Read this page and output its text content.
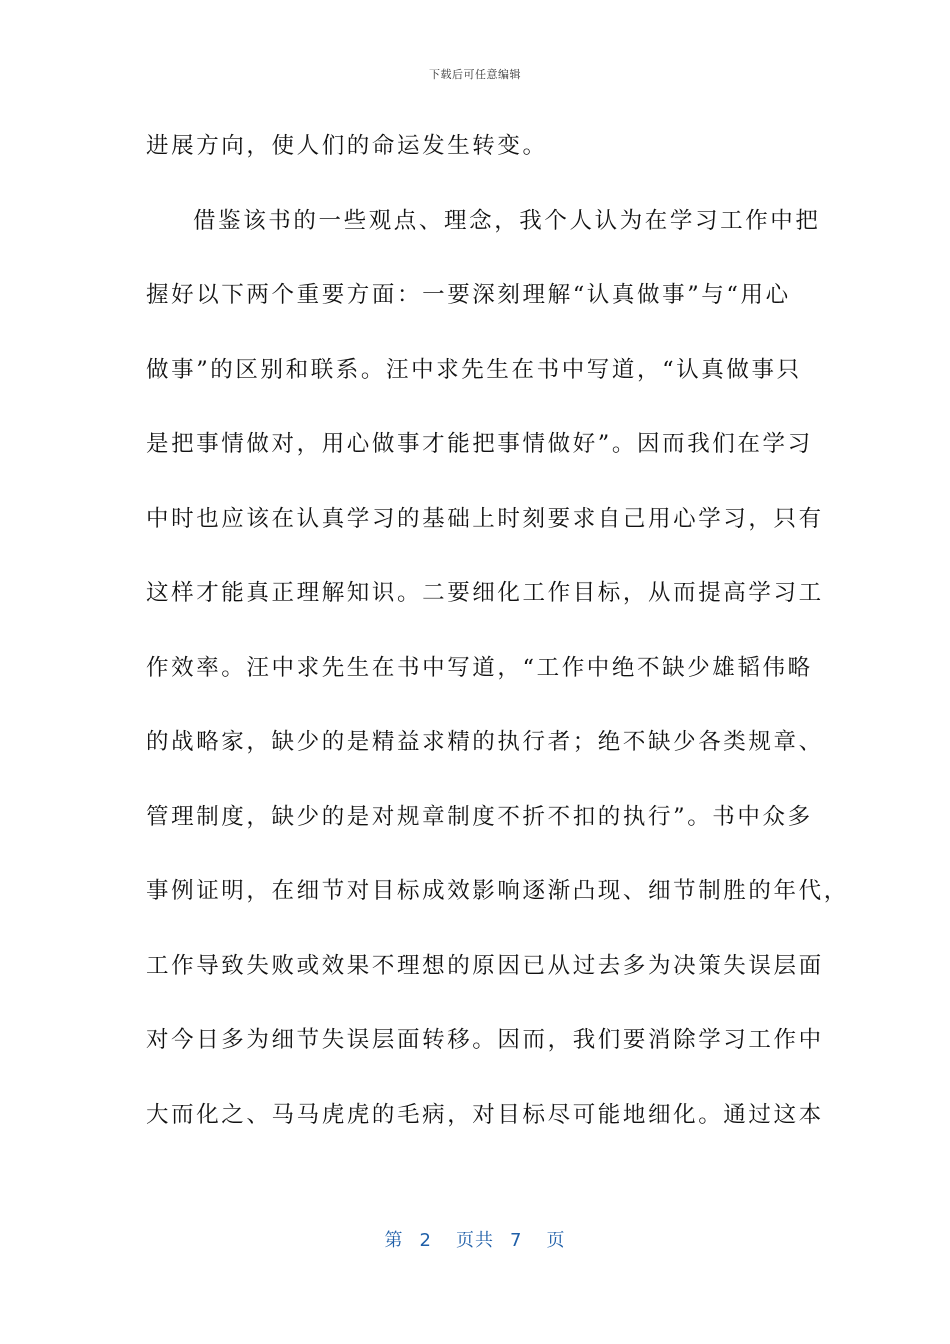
下载后可任意编辑
进展方向，使人们的命运发生转变。
借鉴该书的一些观点、理念，我个人认为在学习工作中把
握好以下两个重要方面：一要深刻理解“认真做事”与“用心
做事”的区别和联系。汪中求先生在书中写道，“认真做事只
是把事情做对，用心做事才能把事情做好”。因而我们在学习
中时也应该在认真学习的基础上时刻要求自己用心学习，只有
这样才能真正理解知识。二要细化工作目标，从而提高学习工
作效率。汪中求先生在书中写道，“工作中绝不缺少雄韬伟略
的战略家，缺少的是精益求精的执行者；绝不缺少各类规章、
管理制度，缺少的是对规章制度不折不扣的执行”。书中众多
事例证明，在细节对目标成效影响逐渐凸现、细节制胜的年代，
工作导致失败或效果不理想的原因已从过去多为决策失误层面
对今日多为细节失误层面转移。因而，我们要消除学习工作中
大而化之、马马虎虎的毛病，对目标尽可能地细化。通过这本
第 2 页共 7 页
